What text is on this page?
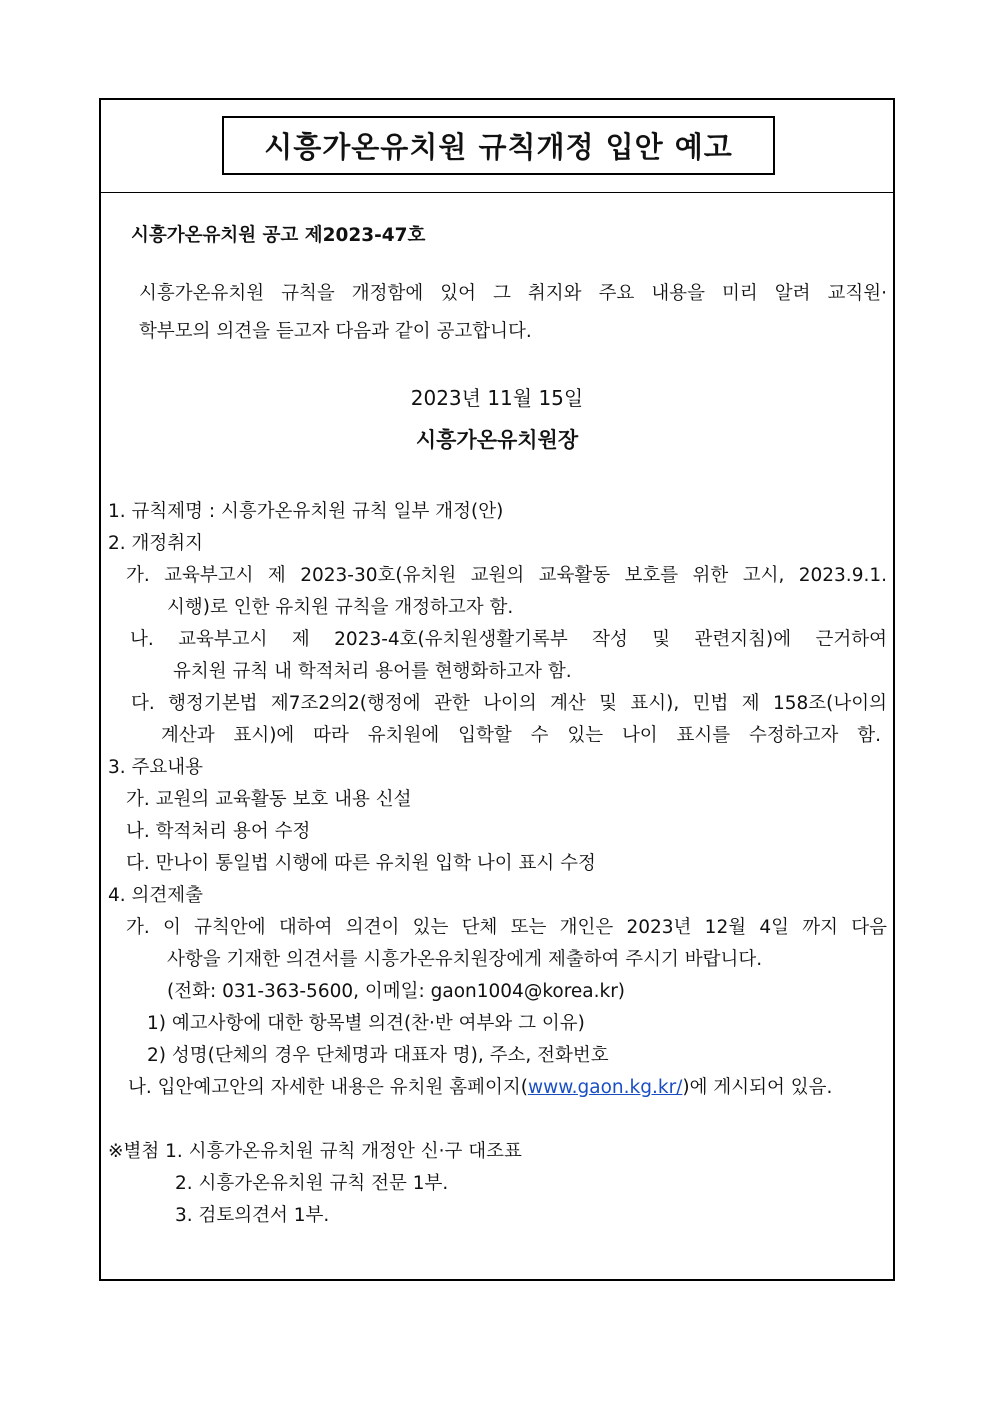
시흥가온유치원 규칙개정 입안 예고
시흥가온유치원 공고 제2023-47호
시흥가온유치원 규칙을 개정함에 있어 그 취지와 주요 내용을 미리 알려 교직원·
학부모의 의견을 듣고자 다음과 같이 공고합니다.
2023년 11월 15일
시흥가온유치원장
1. 규칙제명 : 시흥가온유치원 규칙 일부 개정(안)
2. 개정취지
가. 교육부고시 제 2023-30호(유치원 교원의 교육활동 보호를 위한 고시, 2023.9.1.
시행)로 인한 유치원 규칙을 개정하고자 함.
나. 교육부고시 제 2023-4호(유치원생활기록부 작성 및 관련지침)에 근거하여
유치원 규칙 내 학적처리 용어를 현행화하고자 함.
다. 행정기본법 제7조2의2(행정에 관한 나이의 계산 및 표시), 민법 제 158조(나이의
계산과 표시)에 따라 유치원에 입학할 수 있는 나이 표시를 수정하고자 함.
3. 주요내용
가. 교원의 교육활동 보호 내용 신설
나. 학적처리 용어 수정
다. 만나이 통일법 시행에 따른 유치원 입학 나이 표시 수정
4. 의견제출
가. 이 규칙안에 대하여 의견이 있는 단체 또는 개인은 2023년 12월 4일 까지 다음
사항을 기재한 의견서를 시흥가온유치원장에게 제출하여 주시기 바랍니다.
(전화: 031-363-5600, 이메일: gaon1004@korea.kr)
1) 예고사항에 대한 항목별 의견(찬·반 여부와 그 이유)
2) 성명(단체의 경우 단체명과 대표자 명), 주소, 전화번호
나. 입안예고안의 자세한 내용은 유치원 홈페이지(www.gaon.kg.kr/)에 게시되어 있음.
※별첨 1. 시흥가온유치원 규칙 개정안 신·구 대조표
2. 시흥가온유치원 규칙 전문 1부.
3. 검토의견서 1부.
